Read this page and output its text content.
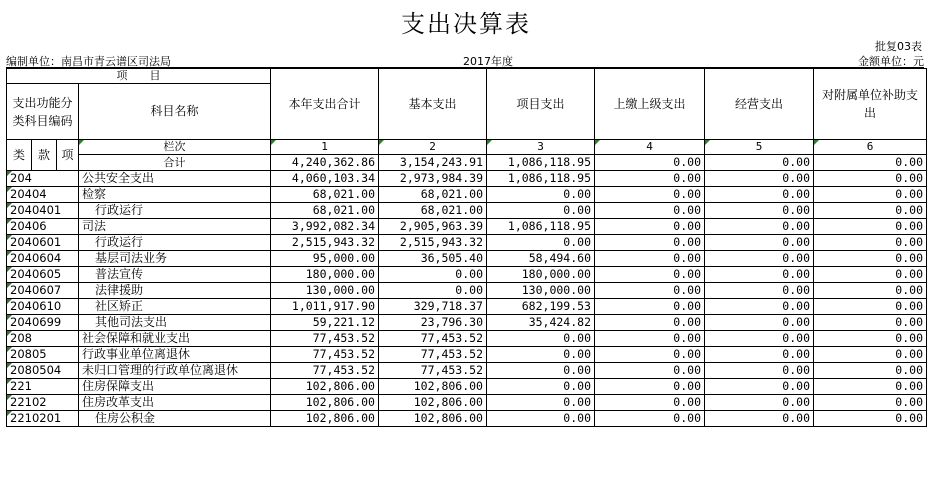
支出决算表
批复03表
编制单位：南昌市青云谱区司法局	2017年度	金额单位：元
项　　目				本年支出合计	基本支出	项目支出	上缴上级支出	经营支出	对附属单位补助支出
支出功能分类科目编码			科目名称						
类	款	项	栏次	1	2	3	4	5	6
			合计	4,240,362.86	3,154,243.91	1,086,118.95	0.00	0.00	0.00
204			公共安全支出	4,060,103.34	2,973,984.39	1,086,118.95	0.00	0.00	0.00
20404			检察	68,021.00	68,021.00	0.00	0.00	0.00	0.00
2040401			行政运行	68,021.00	68,021.00	0.00	0.00	0.00	0.00
20406			司法	3,992,082.34	2,905,963.39	1,086,118.95	0.00	0.00	0.00
2040601			行政运行	2,515,943.32	2,515,943.32	0.00	0.00	0.00	0.00
2040604			基层司法业务	95,000.00	36,505.40	58,494.60	0.00	0.00	0.00
2040605			普法宣传	180,000.00	0.00	180,000.00	0.00	0.00	0.00
2040607			法律援助	130,000.00	0.00	130,000.00	0.00	0.00	0.00
2040610			社区矫正	1,011,917.90	329,718.37	682,199.53	0.00	0.00	0.00
2040699			其他司法支出	59,221.12	23,796.30	35,424.82	0.00	0.00	0.00
208			社会保障和就业支出	77,453.52	77,453.52	0.00	0.00	0.00	0.00
20805			行政事业单位离退休	77,453.52	77,453.52	0.00	0.00	0.00	0.00
2080504			未归口管理的行政单位离退休	77,453.52	77,453.52	0.00	0.00	0.00	0.00
221			住房保障支出	102,806.00	102,806.00	0.00	0.00	0.00	0.00
22102			住房改革支出	102,806.00	102,806.00	0.00	0.00	0.00	0.00
2210201			住房公积金	102,806.00	102,806.00	0.00	0.00	0.00	0.00
